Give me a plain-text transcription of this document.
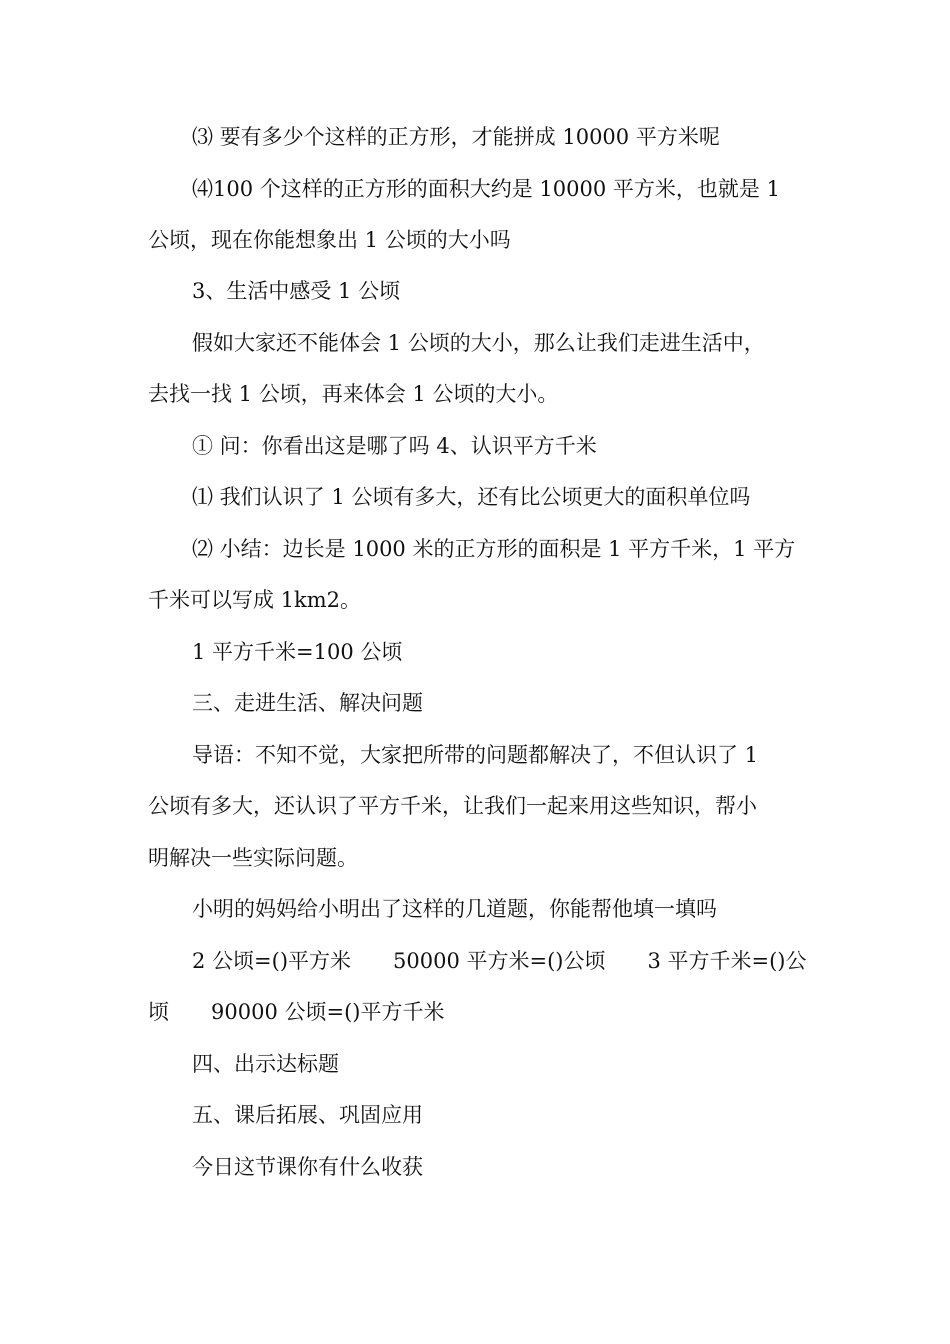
⑶ 要有多少个这样的正方形，才能拼成 10000 平方米呢

⑷100 个这样的正方形的面积大约是 10000 平方米，也就是 1

公顷，现在你能想象出 1 公顷的大小吗

3、生活中感受 1 公顷

假如大家还不能体会 1 公顷的大小，那么让我们走进生活中，

去找一找 1 公顷，再来体会 1 公顷的大小。

① 问：你看出这是哪了吗 4、认识平方千米

⑴ 我们认识了 1 公顷有多大，还有比公顷更大的面积单位吗

⑵ 小结：边长是 1000 米的正方形的面积是 1 平方千米，1 平方

千米可以写成 1km2。

1 平方千米=100 公顷

三、走进生活、解决问题

导语：不知不觉，大家把所带的问题都解决了，不但认识了 1

公顷有多大，还认识了平方千米，让我们一起来用这些知识，帮小

明解决一些实际问题。

小明的妈妈给小明出了这样的几道题，你能帮他填一填吗

2 公顷=()平方米　　50000 平方米=()公顷　　3 平方千米=()公

顷　　90000 公顷=()平方千米

四、出示达标题

五、课后拓展、巩固应用

今日这节课你有什么收获
